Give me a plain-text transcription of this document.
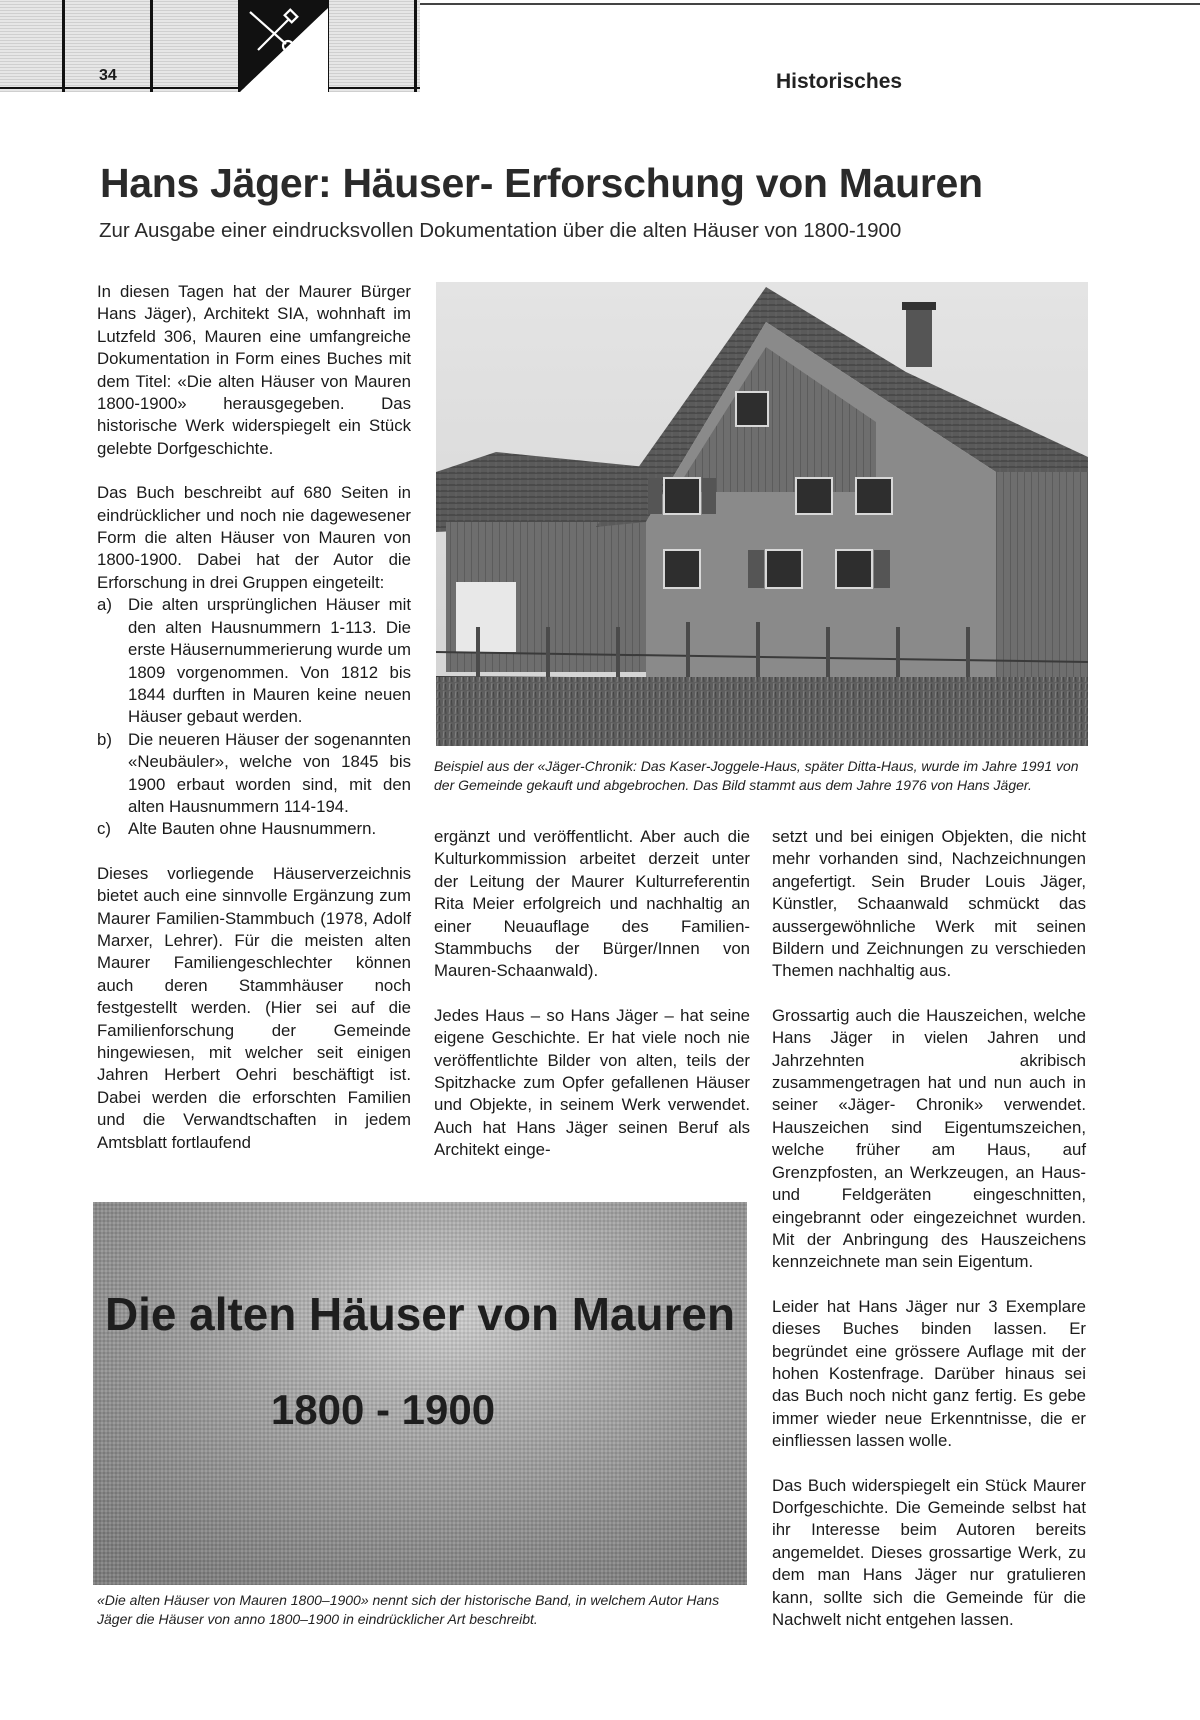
34	Historisches
Hans Jäger: Häuser- Erforschung von Mauren
Zur Ausgabe einer eindrucksvollen Dokumentation über die alten Häuser von 1800-1900

In diesen Tagen hat der Maurer Bürger Hans Jäger), Architekt SIA, wohnhaft im Lutzfeld 306, Mauren eine umfangreiche Dokumentation in Form eines Buches mit dem Titel: «Die alten Häuser von Mauren 1800-1900» herausgegeben. Das historische Werk widerspiegelt ein Stück gelebte Dorfgeschichte.

Das Buch beschreibt auf 680 Seiten in eindrücklicher und noch nie dagewesener Form die alten Häuser von Mauren von 1800-1900. Dabei hat der Autor die Erforschung in drei Gruppen eingeteilt:

a) Die alten ursprünglichen Häuser mit den alten Hausnummern 1-113. Die erste Häusernummerierung wurde um 1809 vorgenommen. Von 1812 bis 1844 durften in Mauren keine neuen Häuser gebaut werden.
b) Die neueren Häuser der sogenannten «Neubäuler», welche von 1845 bis 1900 erbaut worden sind, mit den alten Hausnummern 114-194.
c) Alte Bauten ohne Hausnummern.

Dieses vorliegende Häuserverzeichnis bietet auch eine sinnvolle Ergänzung zum Maurer Familien-Stammbuch (1978, Adolf Marxer, Lehrer). Für die meisten alten Maurer Familiengeschlechter können auch deren Stammhäuser noch festgestellt werden. (Hier sei auf die Familienforschung der Gemeinde hingewiesen, mit welcher seit einigen Jahren Herbert Oehri beschäftigt ist. Dabei werden die erforschten Familien und die Verwandtschaften in jedem Amtsblatt fortlaufend

Beispiel aus der «Jäger-Chronik: Das Kaser-Joggele-Haus, später Ditta-Haus, wurde im Jahre 1991 von der Gemeinde gekauft und abgebrochen. Das Bild stammt aus dem Jahre 1976 von Hans Jäger.

ergänzt und veröffentlicht. Aber auch die Kulturkommission arbeitet derzeit unter der Leitung der Maurer Kulturreferentin Rita Meier erfolgreich und nachhaltig an einer Neuauflage des Familien-Stammbuchs der Bürger/Innen von Mauren-Schaanwald).

Jedes Haus – so Hans Jäger – hat seine eigene Geschichte. Er hat viele noch nie veröffentlichte Bilder von alten, teils der Spitzhacke zum Opfer gefallenen Häuser und Objekte, in seinem Werk verwendet. Auch hat Hans Jäger seinen Beruf als Architekt einge-

setzt und bei einigen Objekten, die nicht mehr vorhanden sind, Nachzeichnungen angefertigt. Sein Bruder Louis Jäger, Künstler, Schaanwald schmückt das aussergewöhnliche Werk mit seinen Bildern und Zeichnungen zu verschieden Themen nachhaltig aus.

Grossartig auch die Hauszeichen, welche Hans Jäger in vielen Jahren und Jahrzehnten akribisch zusammengetragen hat und nun auch in seiner «Jäger- Chronik» verwendet. Hauszeichen sind Eigentumszeichen, welche früher am Haus, auf Grenzpfosten, an Werkzeugen, an Haus- und Feldgeräten eingeschnitten, eingebrannt oder eingezeichnet wurden. Mit der Anbringung des Hauszeichens kennzeichnete man sein Eigentum.

Leider hat Hans Jäger nur 3 Exemplare dieses Buches binden lassen. Er begründet eine grössere Auflage mit der hohen Kostenfrage. Darüber hinaus sei das Buch noch nicht ganz fertig. Es gebe immer wieder neue Erkenntnisse, die er einfliessen lassen wolle.

Das Buch widerspiegelt ein Stück Maurer Dorfgeschichte. Die Gemeinde selbst hat ihr Interesse beim Autoren bereits angemeldet. Dieses grossartige Werk, zu dem man Hans Jäger nur gratulieren kann, sollte sich die Gemeinde für die Nachwelt nicht entgehen lassen.

Die alten Häuser von Mauren
1800 - 1900
«Die alten Häuser von Mauren 1800–1900» nennt sich der historische Band, in welchem Autor Hans Jäger die Häuser von anno 1800–1900 in eindrücklicher Art beschreibt.
